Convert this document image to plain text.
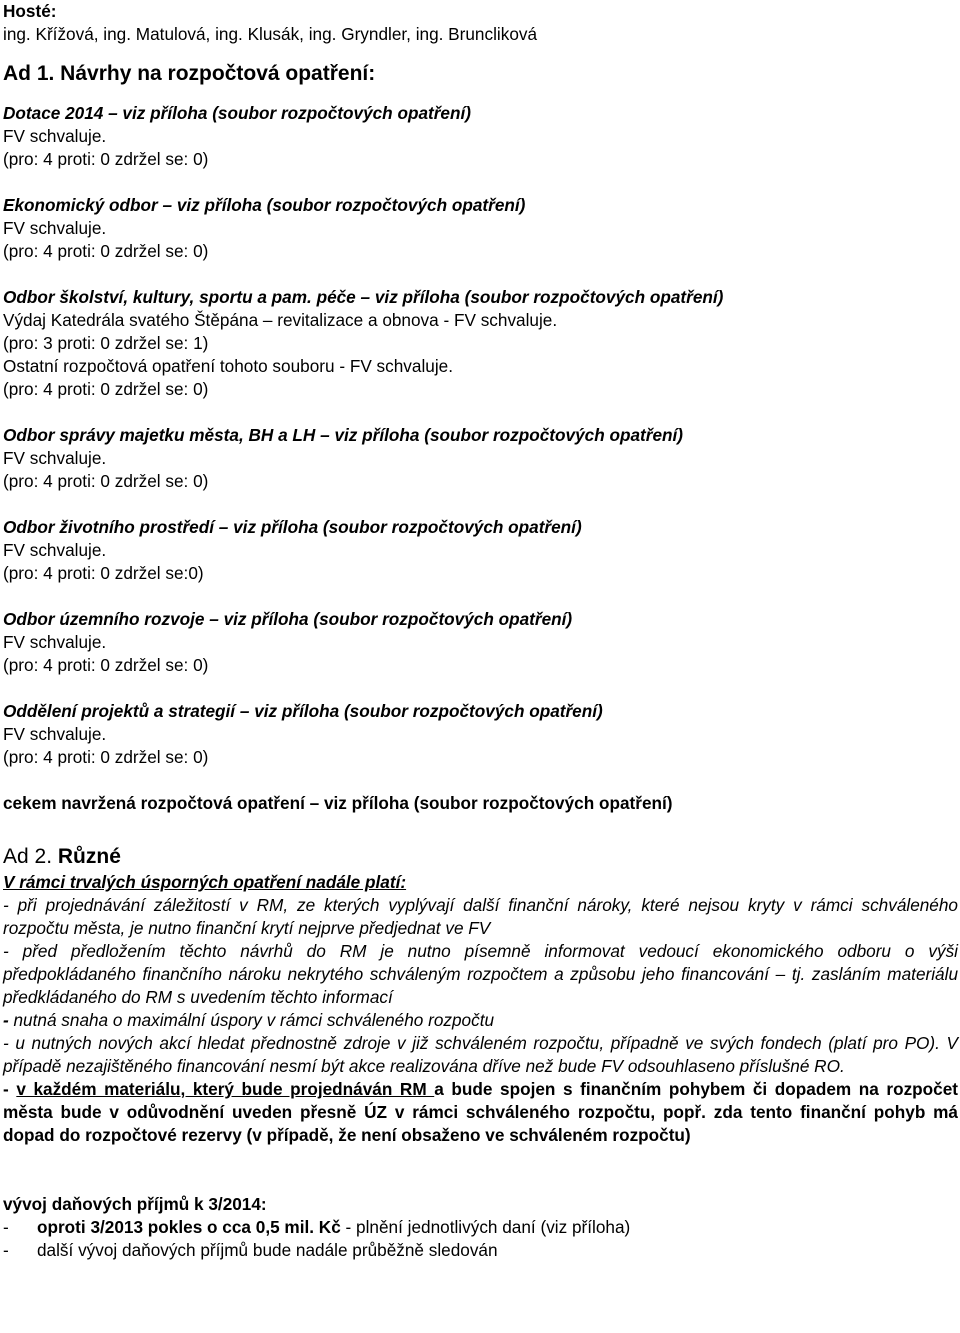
Hosté:
ing. Křížová, ing. Matulová, ing. Klusák, ing. Gryndler, ing. Bruncliková
Ad 1. Návrhy na rozpočtová opatření:
Dotace 2014 – viz příloha (soubor rozpočtových opatření)
FV schvaluje.
(pro: 4 proti: 0 zdržel se: 0)
Ekonomický odbor – viz příloha (soubor rozpočtových opatření)
FV schvaluje.
(pro: 4 proti: 0 zdržel se: 0)
Odbor školství, kultury, sportu a pam. péče – viz příloha (soubor rozpočtových opatření)
Výdaj Katedrála svatého Štěpána – revitalizace a obnova - FV schvaluje.
(pro: 3 proti: 0 zdržel se: 1)
Ostatní rozpočtová opatření tohoto souboru - FV schvaluje.
(pro: 4 proti: 0 zdržel se: 0)
Odbor správy majetku města, BH a LH – viz příloha (soubor rozpočtových opatření)
FV schvaluje.
(pro: 4 proti: 0 zdržel se: 0)
Odbor životního prostředí – viz příloha (soubor rozpočtových opatření)
FV schvaluje.
(pro: 4 proti: 0 zdržel se:0)
Odbor územního rozvoje – viz příloha (soubor rozpočtových opatření)
FV schvaluje.
(pro: 4 proti: 0 zdržel se: 0)
Oddělení projektů a strategií – viz příloha (soubor rozpočtových opatření)
FV schvaluje.
(pro: 4 proti: 0 zdržel se: 0)
cekem navržená rozpočtová opatření – viz příloha (soubor rozpočtových opatření)
Ad 2. Různé
V rámci trvalých úsporných opatření nadále platí:
- při projednávání záležitostí v RM, ze kterých vyplývají další finanční nároky, které nejsou kryty v rámci schváleného rozpočtu města, je nutno finanční krytí nejprve předjednat ve FV
- před předložením těchto návrhů do RM je nutno písemně informovat vedoucí ekonomického odboru o výši předpokládaného finančního nároku nekrytého schváleným rozpočtem a způsobu jeho financování – tj. zasláním materiálu předkládaného do RM s uvedením těchto informací
- nutná snaha o maximální úspory v rámci schváleného rozpočtu
- u nutných nových akcí hledat přednostně zdroje v již schváleném rozpočtu, případně ve svých fondech (platí pro PO). V případě nezajištěného financování nesmí být akce realizována dříve než bude FV odsouhlaseno příslušné RO.
- v každém materiálu, který bude projednáván RM a bude spojen s finančním pohybem či dopadem na rozpočet města bude v odůvodnění uveden přesně ÚZ v rámci schváleného rozpočtu, popř. zda tento finanční pohyb má dopad do rozpočtové rezervy (v případě, že není obsaženo ve schváleném rozpočtu)
vývoj daňových příjmů k 3/2014:
-	oproti 3/2013 pokles o cca 0,5 mil. Kč - plnění jednotlivých daní (viz příloha)
-	další vývoj daňových příjmů bude nadále průběžně sledován
